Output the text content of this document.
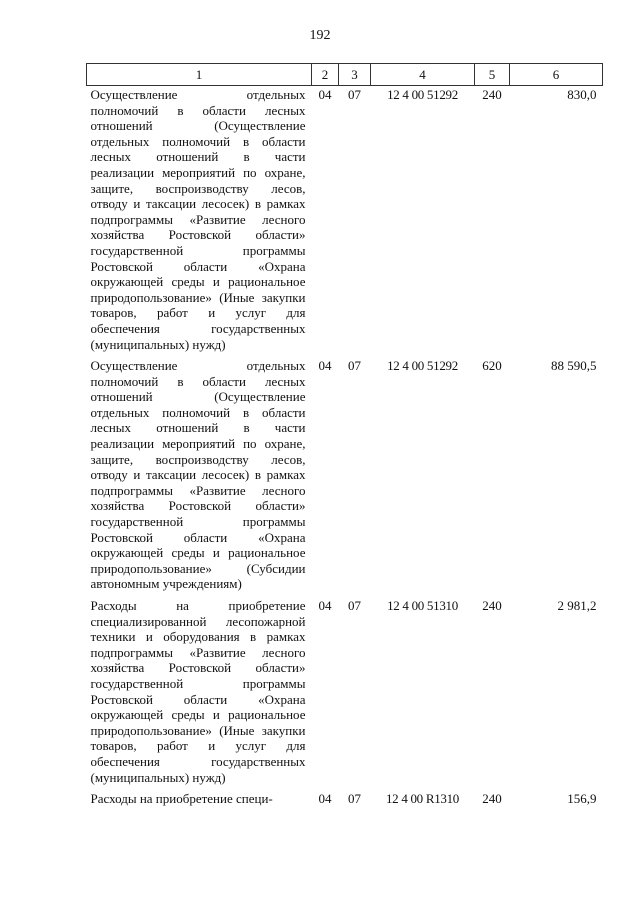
192
1	2	3	4	5	6
Осуществление отдельных полномочий в области лесных отношений (Осуществление отдельных полномочий в области лесных отношений в части реализации мероприятий по охране, защите, воспроизводству лесов, отводу и таксации лесосек) в рамках подпрограммы «Развитие лесного хозяйства Ростовской области» государственной программы Ростовской области «Охрана окружающей среды и рациональное природопользование» (Иные закупки товаров, работ и услуг для обеспечения государственных (муниципальных) нужд)	04	07	12 4 00 51292	240	830,0
Осуществление отдельных полномочий в области лесных отношений (Осуществление отдельных полномочий в области лесных отношений в части реализации мероприятий по охране, защите, воспроизводству лесов, отводу и таксации лесосек) в рамках подпрограммы «Развитие лесного хозяйства Ростовской области» государственной программы Ростовской области «Охрана окружающей среды и рациональное природопользование» (Субсидии автономным учреждениям)	04	07	12 4 00 51292	620	88 590,5
Расходы на приобретение специализированной лесопожарной техники и оборудования в рамках подпрограммы «Развитие лесного хозяйства Ростовской области» государственной программы Ростовской области «Охрана окружающей среды и рациональное природопользование» (Иные закупки товаров, работ и услуг для обеспечения государственных (муниципальных) нужд)	04	07	12 4 00 51310	240	2 981,2
Расходы на приобретение специ-	04	07	12 4 00 R1310	240	156,9
